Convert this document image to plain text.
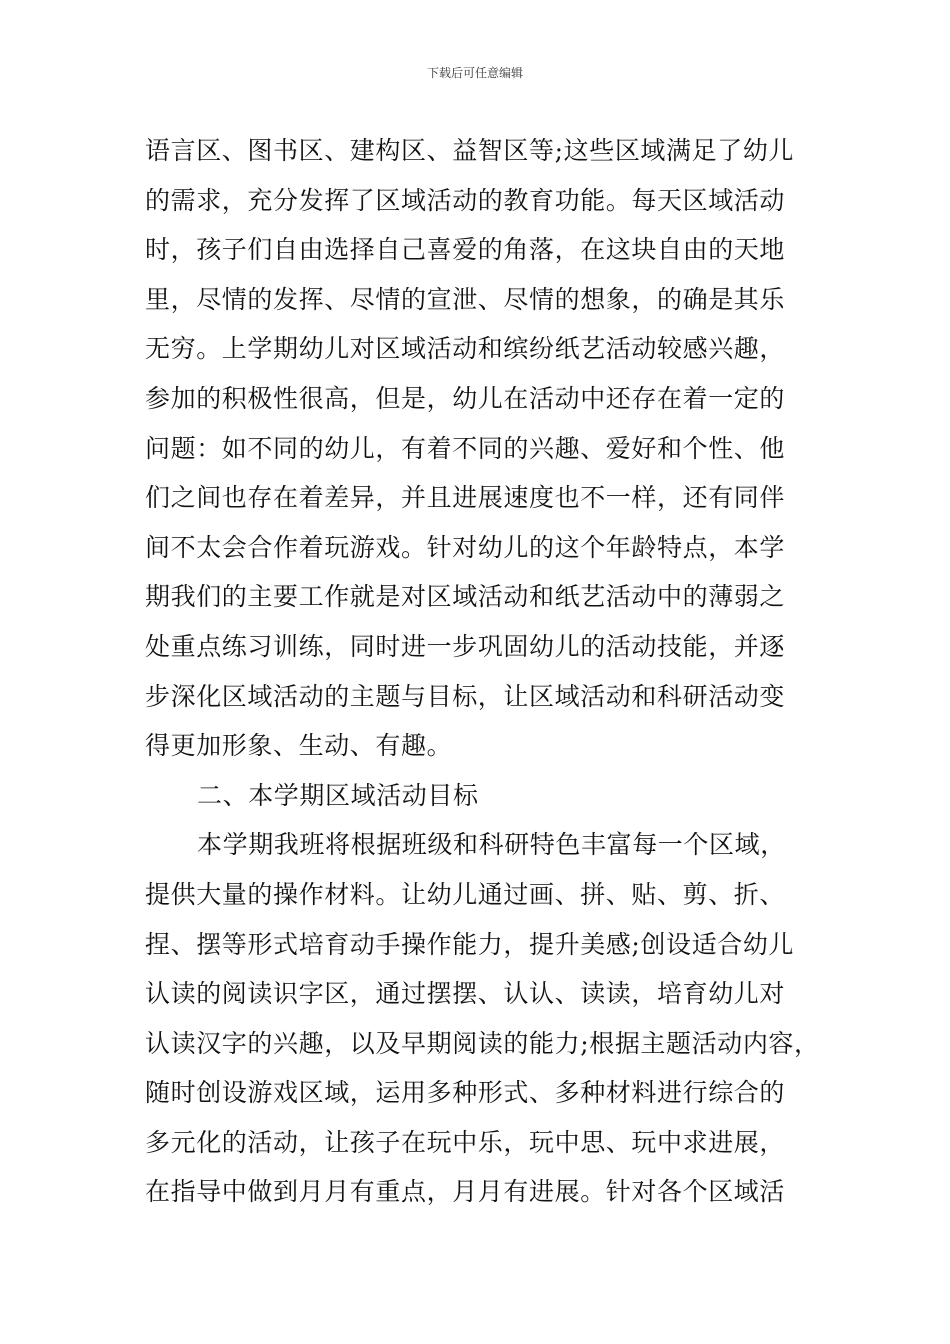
下载后可任意编辑
语言区、图书区、建构区、益智区等;这些区域满足了幼儿
的需求，充分发挥了区域活动的教育功能。每天区域活动
时，孩子们自由选择自己喜爱的角落，在这块自由的天地
里，尽情的发挥、尽情的宣泄、尽情的想象，的确是其乐
无穷。上学期幼儿对区域活动和缤纷纸艺活动较感兴趣，
参加的积极性很高，但是，幼儿在活动中还存在着一定的
问题：如不同的幼儿，有着不同的兴趣、爱好和个性、他
们之间也存在着差异，并且进展速度也不一样，还有同伴
间不太会合作着玩游戏。针对幼儿的这个年龄特点，本学
期我们的主要工作就是对区域活动和纸艺活动中的薄弱之
处重点练习训练，同时进一步巩固幼儿的活动技能，并逐
步深化区域活动的主题与目标，让区域活动和科研活动变
得更加形象、生动、有趣。
二、本学期区域活动目标
本学期我班将根据班级和科研特色丰富每一个区域，
提供大量的操作材料。让幼儿通过画、拼、贴、剪、折、
捏、摆等形式培育动手操作能力，提升美感;创设适合幼儿
认读的阅读识字区，通过摆摆、认认、读读，培育幼儿对
认读汉字的兴趣，以及早期阅读的能力;根据主题活动内容，
随时创设游戏区域，运用多种形式、多种材料进行综合的
多元化的活动，让孩子在玩中乐，玩中思、玩中求进展，
在指导中做到月月有重点，月月有进展。针对各个区域活
